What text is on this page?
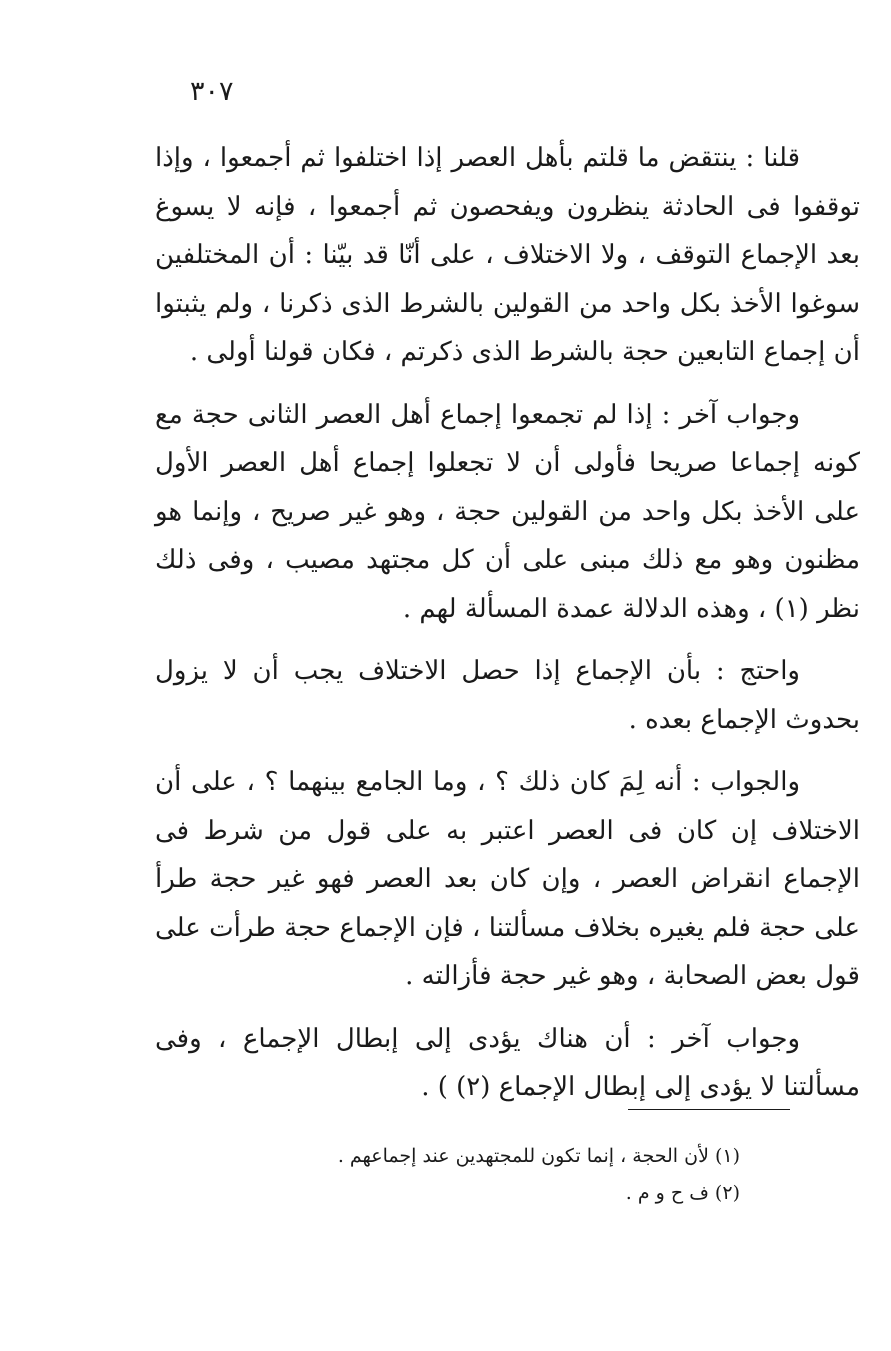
٣٠٧

قلنا : ينتقض ما قلتم بأهل العصر إذا اختلفوا ثم أجمعوا ، وإذا توقفوا فى الحادثة ينظرون ويفحصون ثم أجمعوا ، فإنه لا يسوغ بعد الإجماع التوقف ، ولا الاختلاف ، على أنّا قد بيّنا : أن المختلفين سوغوا الأخذ بكل واحد من القولين بالشرط الذى ذكرنا ، ولم يثبتوا أن إجماع التابعين حجة بالشرط الذى ذكرتم ، فكان قولنا أولى .

وجواب آخر : إذا لم تجمعوا إجماع أهل العصر الثانى حجة مع كونه إجماعا صريحا فأولى أن لا تجعلوا إجماع أهل العصر الأول على الأخذ بكل واحد من القولين حجة ، وهو غير صريح ، وإنما هو مظنون وهو مع ذلك مبنى على أن كل مجتهد مصيب ، وفى ذلك نظر (١) ، وهذه الدلالة عمدة المسألة لهم .

واحتج : بأن الإجماع إذا حصل الاختلاف يجب أن لا يزول بحدوث الإجماع بعده .

والجواب : أنه لِمَ كان ذلك ؟ ، وما الجامع بينهما ؟ ، على أن الاختلاف إن كان فى العصر اعتبر به على قول من شرط فى الإجماع انقراض العصر ، وإن كان بعد العصر فهو غير حجة طرأ على حجة فلم يغيره بخلاف مسألتنا ، فإن الإجماع حجة طرأت على قول بعض الصحابة ، وهو غير حجة فأزالته .

وجواب آخر : أن هناك يؤدى إلى إبطال الإجماع ، وفى مسألتنا لا يؤدى إلى إبطال الإجماع (٢) ) .

(١) لأن الحجة ، إنما تكون للمجتهدين عند إجماعهم .

(٢) ف ح و م .
